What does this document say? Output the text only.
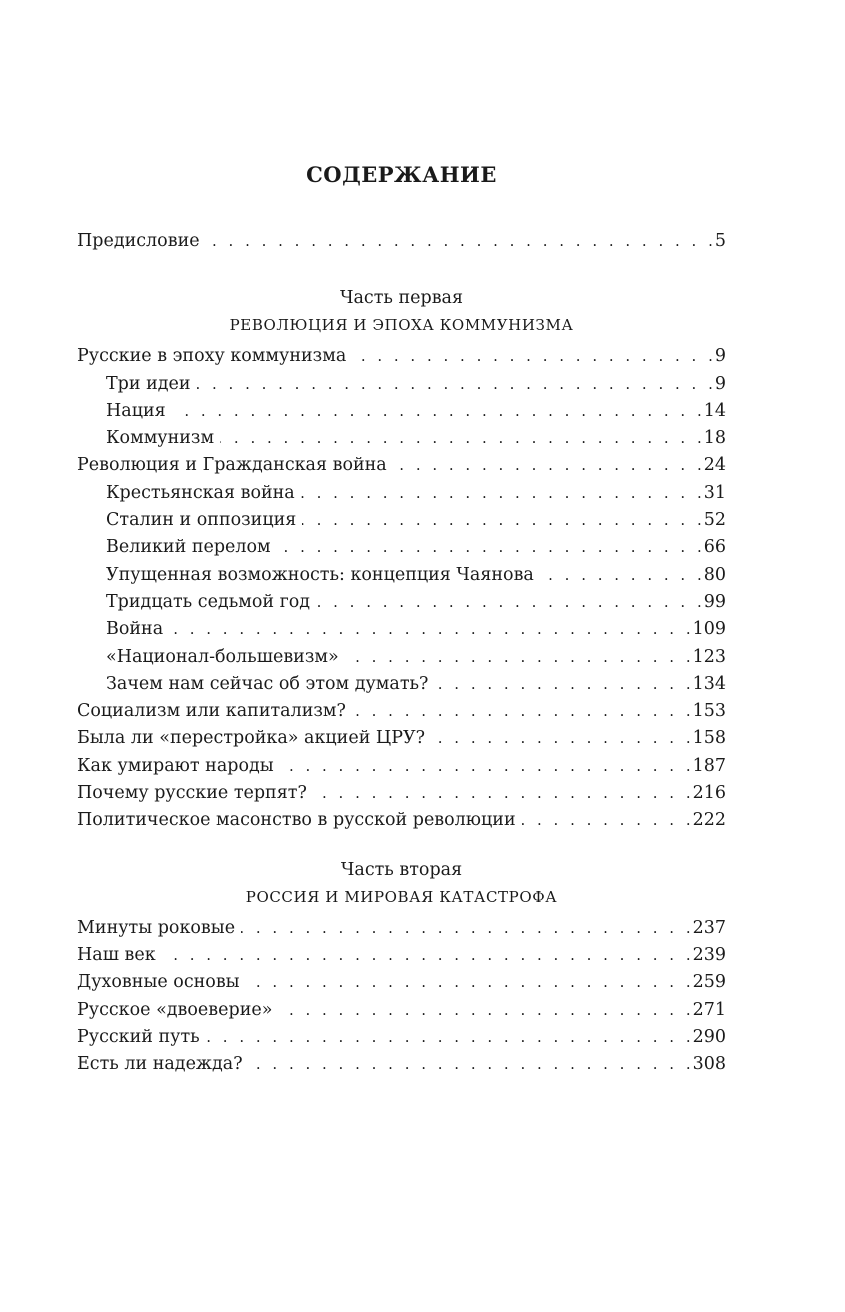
СОДЕРЖАНИЕ
Предисловие . . .	5
Часть первая
РЕВОЛЮЦИЯ И ЭПОХА КОММУНИЗМА
Русские в эпоху коммунизма . . .	9
Три идеи . . .	9
Нация . . .	14
Коммунизм . . .	18
Революция и Гражданская война . . .	24
Крестьянская война . . .	31
Сталин и оппозиция . . .	52
Великий перелом . . .	66
Упущенная возможность: концепция Чаянова . . .	80
Тридцать седьмой год . . .	99
Война . . .	109
«Национал-большевизм» . . .	123
Зачем нам сейчас об этом думать? . . .	134
Социализм или капитализм? . . .	153
Была ли «перестройка» акцией ЦРУ? . . .	158
Как умирают народы . . .	187
Почему русские терпят? . . .	216
Политическое масонство в русской революции . . .	222
Часть вторая
РОССИЯ И МИРОВАЯ КАТАСТРОФА
Минуты роковые . . .	237
Наш век . . .	239
Духовные основы . . .	259
Русское «двоеверие» . . .	271
Русский путь . . .	290
Есть ли надежда? . . .	308
